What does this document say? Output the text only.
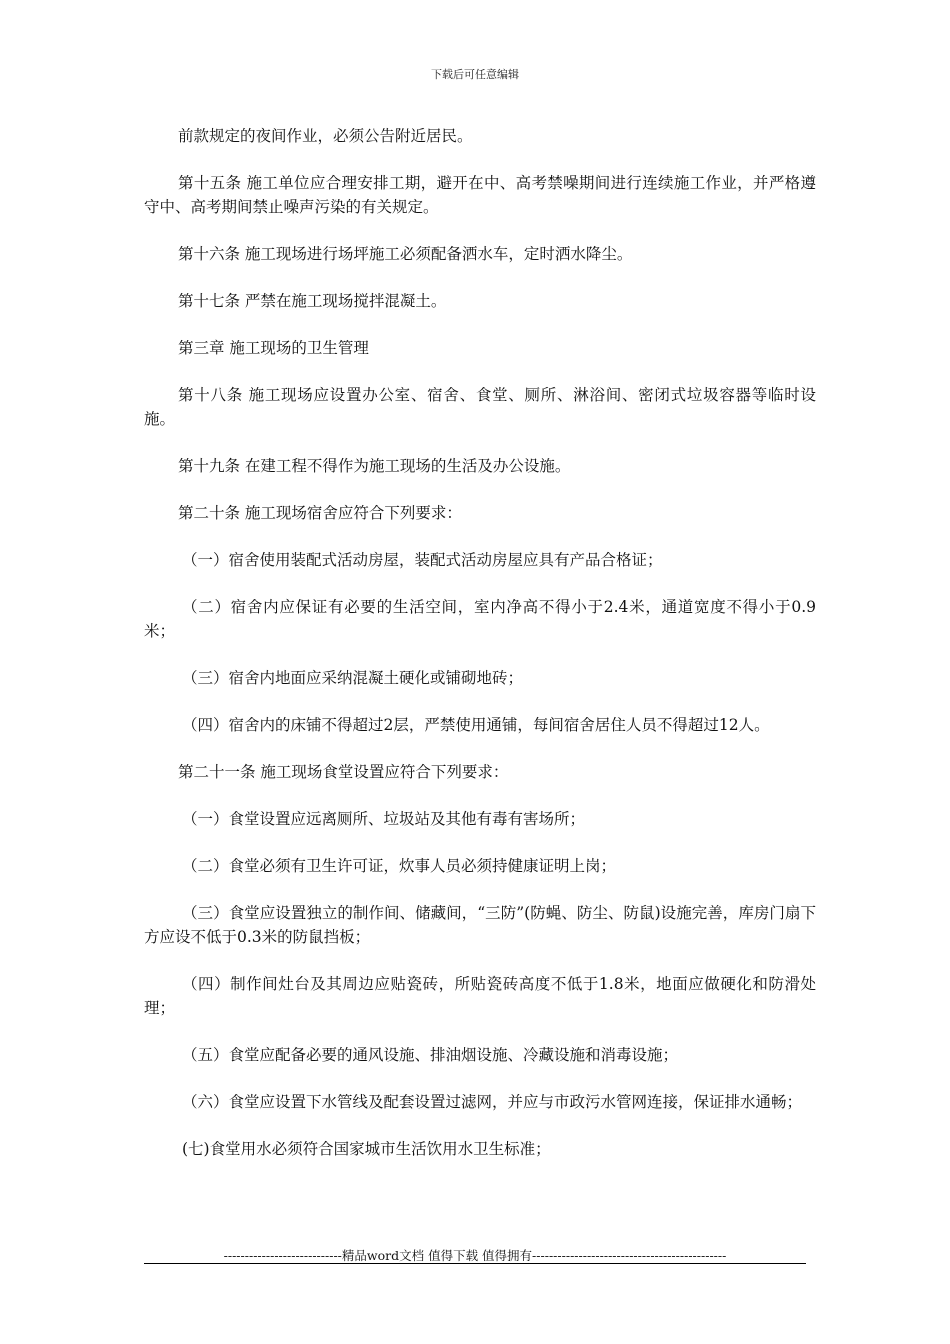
下载后可任意编辑

前款规定的夜间作业，必须公告附近居民。

第十五条 施工单位应合理安排工期，避开在中、高考禁噪期间进行连续施工作业，并严格遵守中、高考期间禁止噪声污染的有关规定。

第十六条 施工现场进行场坪施工必须配备洒水车，定时洒水降尘。

第十七条 严禁在施工现场搅拌混凝土。

第三章 施工现场的卫生管理

第十八条 施工现场应设置办公室、宿舍、食堂、厕所、淋浴间、密闭式垃圾容器等临时设施。

第十九条 在建工程不得作为施工现场的生活及办公设施。

第二十条 施工现场宿舍应符合下列要求：

（一）宿舍使用装配式活动房屋，装配式活动房屋应具有产品合格证；

（二）宿舍内应保证有必要的生活空间，室内净高不得小于2.4米，通道宽度不得小于0.9米；

（三）宿舍内地面应采纳混凝土硬化或铺砌地砖；

（四）宿舍内的床铺不得超过2层，严禁使用通铺，每间宿舍居住人员不得超过12人。

第二十一条 施工现场食堂设置应符合下列要求：

（一）食堂设置应远离厕所、垃圾站及其他有毒有害场所；

（二）食堂必须有卫生许可证，炊事人员必须持健康证明上岗；

（三）食堂应设置独立的制作间、储藏间，“三防”(防蝇、防尘、防鼠)设施完善，库房门扇下方应设不低于0.3米的防鼠挡板；

（四）制作间灶台及其周边应贴瓷砖，所贴瓷砖高度不低于1.8米，地面应做硬化和防滑处理；

（五）食堂应配备必要的通风设施、排油烟设施、冷藏设施和消毒设施；

（六）食堂应设置下水管线及配套设置过滤网，并应与市政污水管网连接，保证排水通畅；

(七)食堂用水必须符合国家城市生活饮用水卫生标准；

----------------------------精品word文档 值得下载 值得拥有----------------------------------------------
